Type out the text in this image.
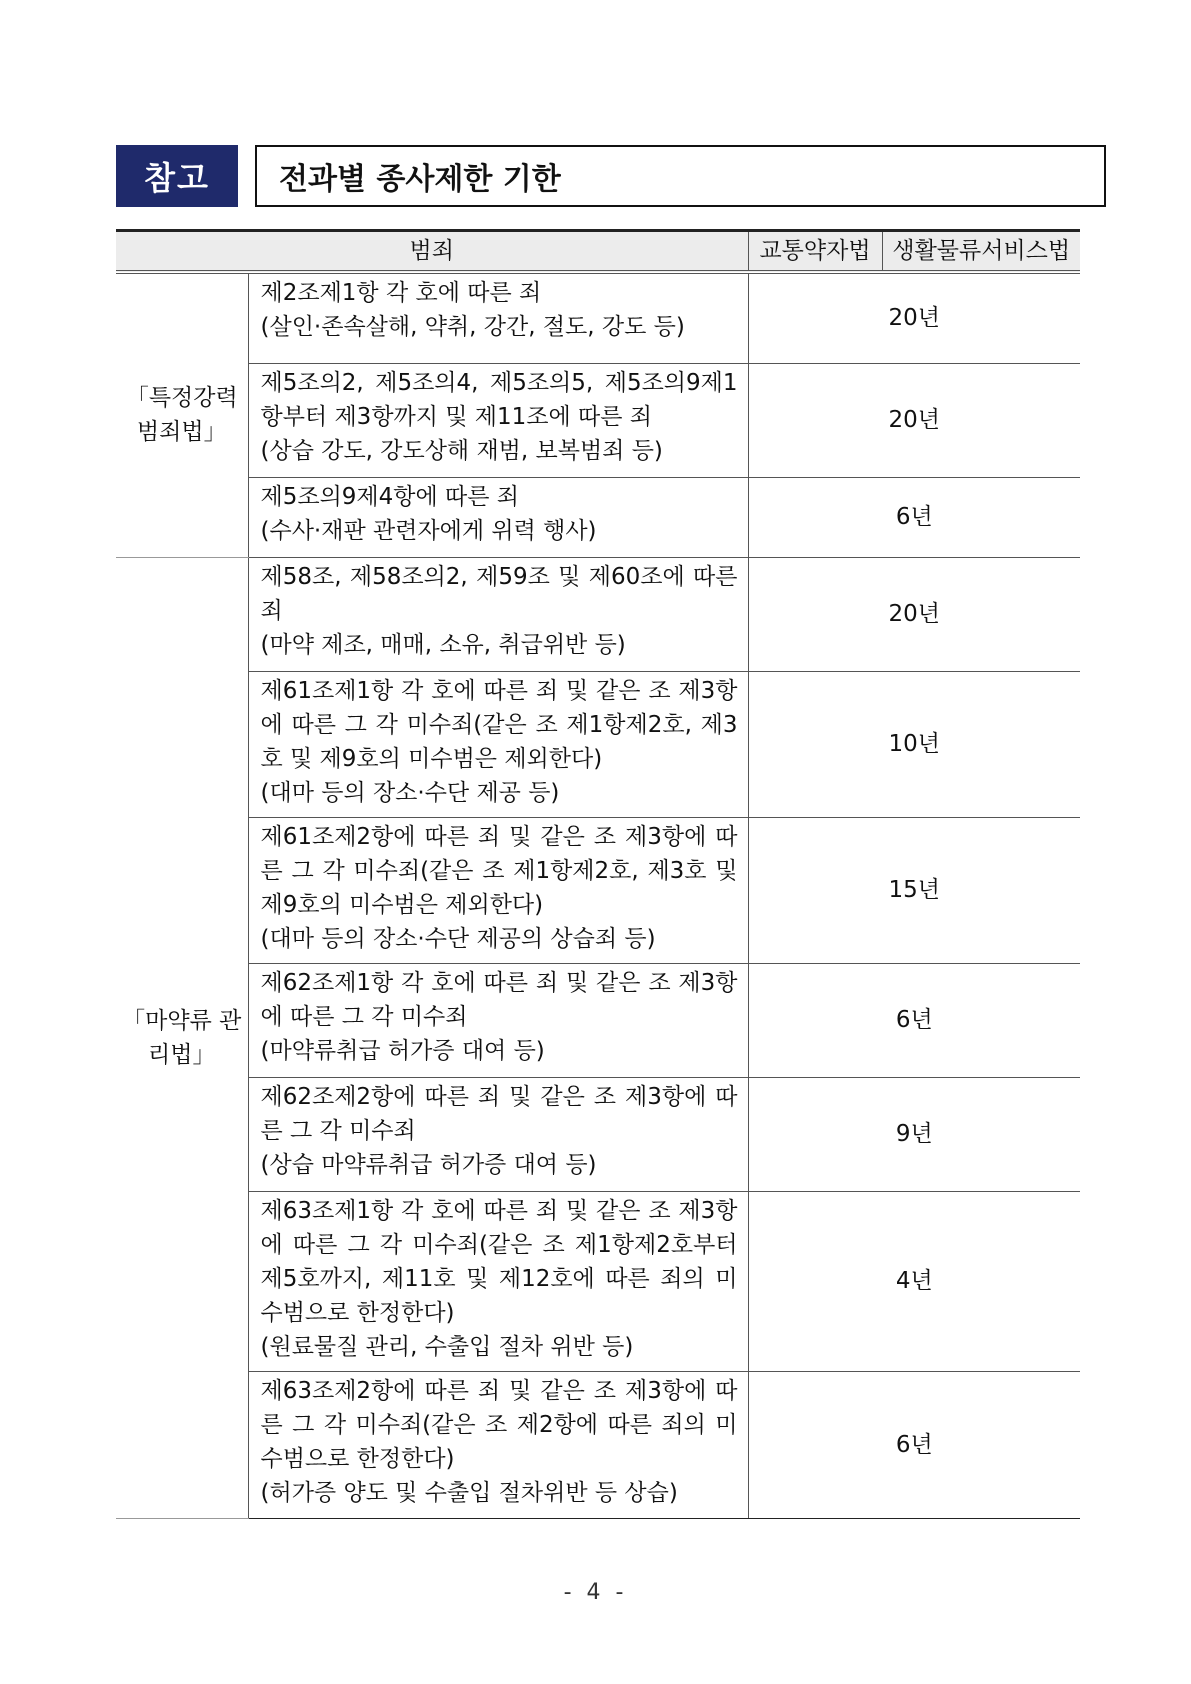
참고	전과별 종사제한 기한
범죄		교통약자법	생활물류서비스법
「특정강력 범죄법」	제2조제1항 각 호에 따른 죄
(살인·존속살해, 약취, 강간, 절도, 강도 등)	20년	

	제5조의2, 제5조의4, 제5조의5, 제5조의9제1항부터 제3항까지 및 제11조에 따른 죄
(상습 강도, 강도상해 재범, 보복범죄 등)	20년	

	제5조의9제4항에 따른 죄
(수사·재판 관련자에게 위력 행사)	6년	
「마약류 관리법」	제58조, 제58조의2, 제59조 및 제60조에 따른 죄
(마약 제조, 매매, 소유, 취급위반 등)	20년	

	제61조제1항 각 호에 따른 죄 및 같은 조 제3항에 따른 그 각 미수죄(같은 조 제1항제2호, 제3호 및 제9호의 미수범은 제외한다)
(대마 등의 장소·수단 제공 등)	10년	

	제61조제2항에 따른 죄 및 같은 조 제3항에 따른 그 각 미수죄(같은 조 제1항제2호, 제3호 및 제9호의 미수범은 제외한다)
(대마 등의 장소·수단 제공의 상습죄 등)	15년	

	제62조제1항 각 호에 따른 죄 및 같은 조 제3항에 따른 그 각 미수죄
(마약류취급 허가증 대여 등)	6년	

	제62조제2항에 따른 죄 및 같은 조 제3항에 따른 그 각 미수죄
(상습 마약류취급 허가증 대여 등)	9년	

	제63조제1항 각 호에 따른 죄 및 같은 조 제3항에 따른 그 각 미수죄(같은 조 제1항제2호부터 제5호까지, 제11호 및 제12호에 따른 죄의 미수범으로 한정한다)
(원료물질 관리, 수출입 절차 위반 등)	4년	

	제63조제2항에 따른 죄 및 같은 조 제3항에 따른 그 각 미수죄(같은 조 제2항에 따른 죄의 미수범으로 한정한다)
(허가증 양도 및 수출입 절차위반 등 상습)	6년	
- 4 -
